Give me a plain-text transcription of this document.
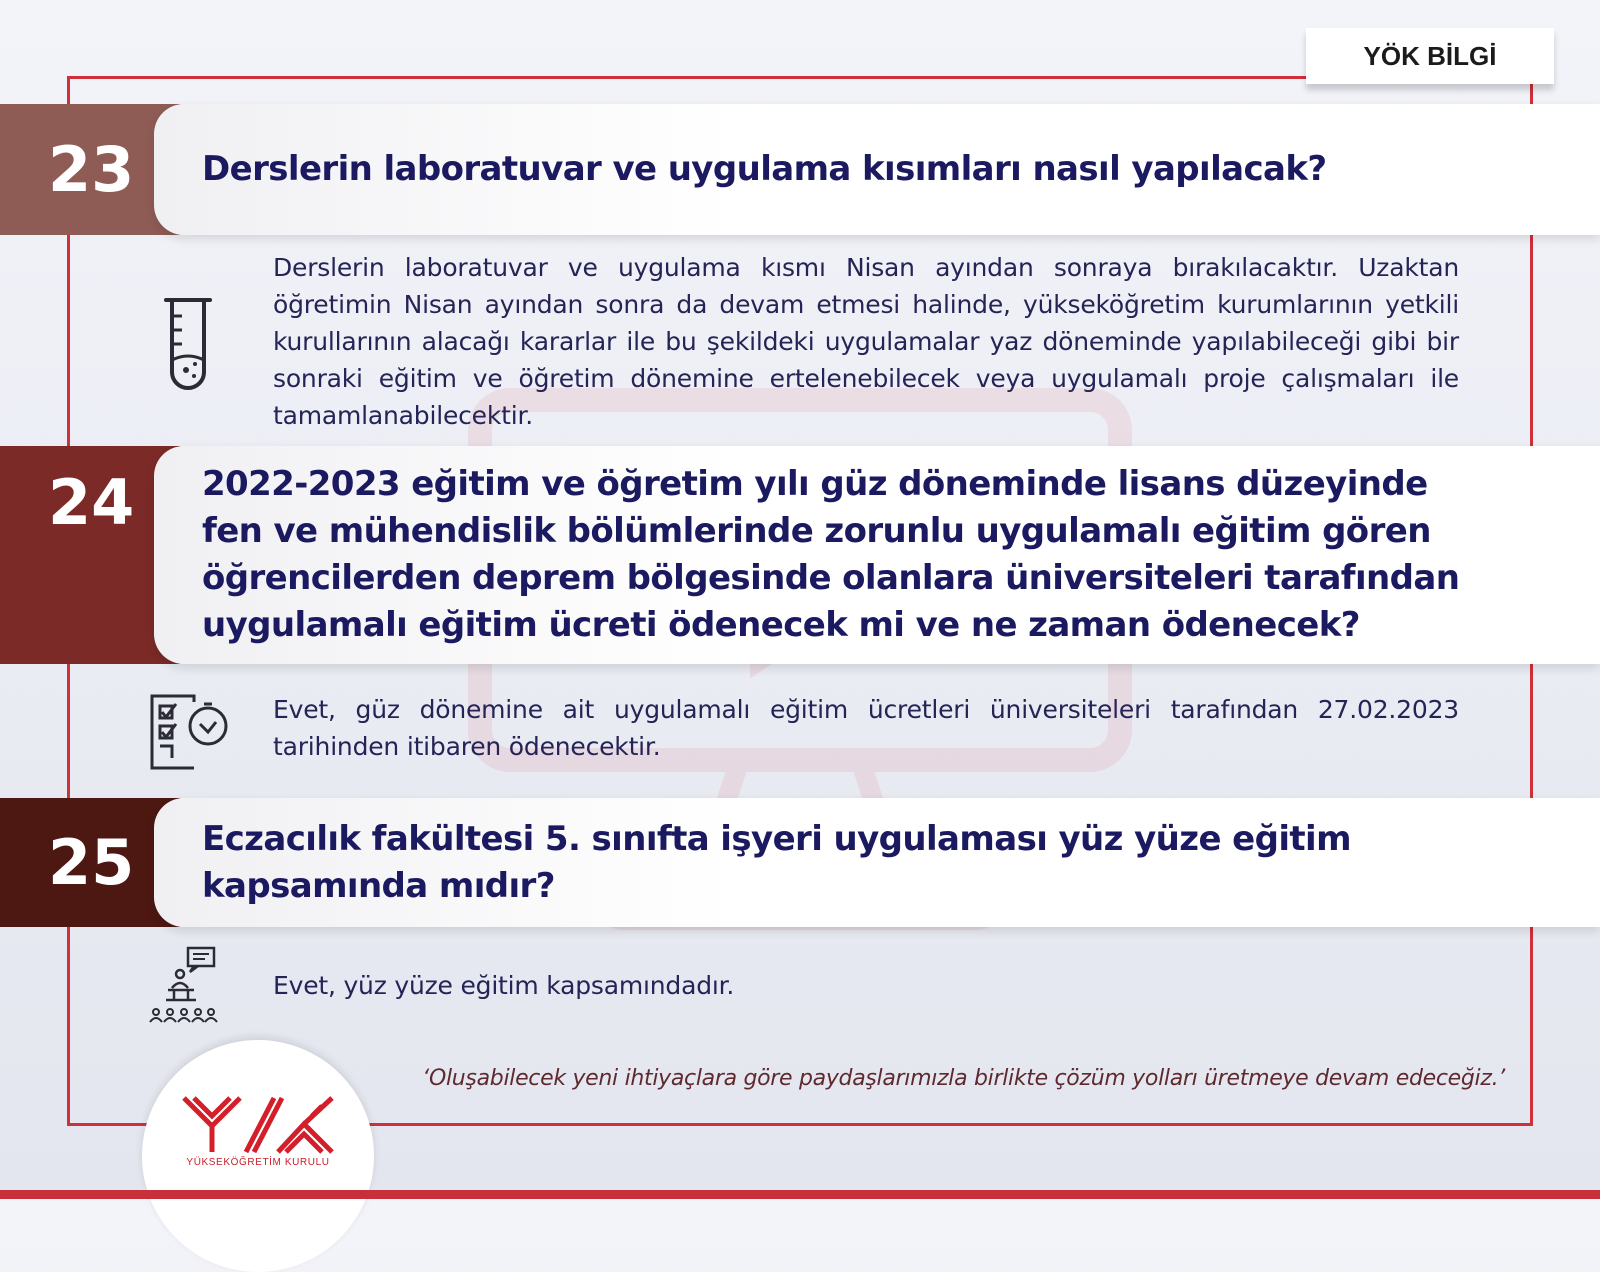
YÖK BİLGİ
23	Derslerin laboratuvar ve uygulama kısımları nasıl yapılacak?
Derslerin laboratuvar ve uygulama kısmı Nisan ayından sonraya bırakılacaktır. Uzaktan öğretimin Nisan ayından sonra da devam etmesi halinde, yükseköğretim kurumlarının yetkili kurullarının alacağı kararlar ile bu şekildeki uygulamalar yaz döneminde yapılabileceği gibi bir sonraki eğitim ve öğretim dönemine ertelenebilecek veya uygulamalı proje çalışmaları ile tamamlanabilecektir.
24	2022-2023 eğitim ve öğretim yılı güz döneminde lisans düzeyinde fen ve mühendislik bölümlerinde zorunlu uygulamalı eğitim gören öğrencilerden deprem bölgesinde olanlara üniversiteleri tarafından uygulamalı eğitim ücreti ödenecek mi ve ne zaman ödenecek?
Evet, güz dönemine ait uygulamalı eğitim ücretleri üniversiteleri tarafından 27.02.2023 tarihinden itibaren ödenecektir.
25	Eczacılık fakültesi 5. sınıfta işyeri uygulaması yüz yüze eğitim kapsamında mıdır?
Evet, yüz yüze eğitim kapsamındadır.
‘Oluşabilecek yeni ihtiyaçlara göre paydaşlarımızla birlikte çözüm yolları üretmeye devam edeceğiz.’
YÜKSEKÖĞRETİM KURULU
